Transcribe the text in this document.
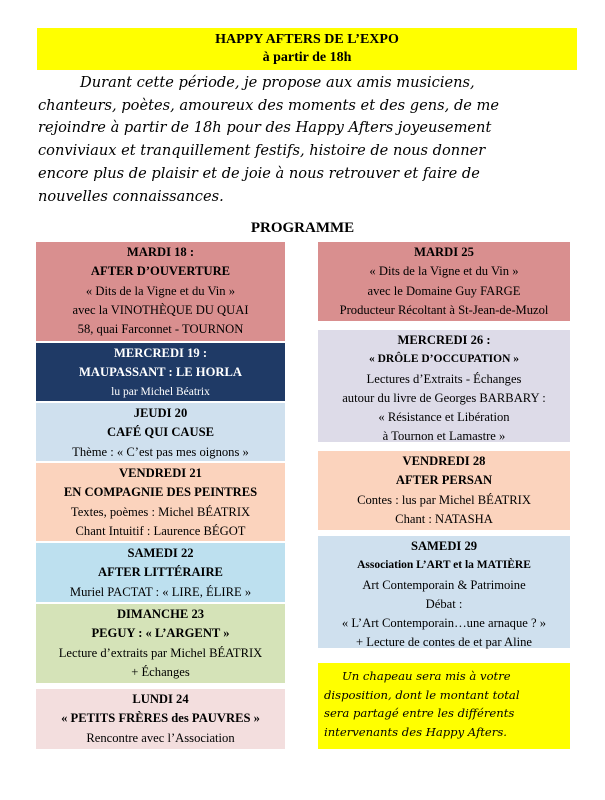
HAPPY AFTERS DE L’EXPO
à partir de 18h
Durant cette période, je propose aux amis musiciens,
chanteurs, poètes, amoureux des moments et des gens, de me
rejoindre à partir de 18h pour des Happy Afters joyeusement
conviviaux et tranquillement festifs, histoire de nous donner
encore plus de plaisir et de joie à nous retrouver et faire de
nouvelles connaissances.
PROGRAMME
MARDI 18 :
AFTER D’OUVERTURE
« Dits de la Vigne et du Vin »
avec la VINOTHÈQUE DU QUAI
58, quai Farconnet - TOURNON
MERCREDI 19 :
MAUPASSANT : LE HORLA
lu par Michel Béatrix
JEUDI 20
CAFÉ QUI CAUSE
Thème : « C’est pas mes oignons »
VENDREDI 21
EN COMPAGNIE DES PEINTRES
Textes, poèmes : Michel BÉATRIX
Chant Intuitif : Laurence BÉGOT
SAMEDI 22
AFTER LITTÉRAIRE
Muriel PACTAT : « LIRE, ÉLIRE »
DIMANCHE 23
PEGUY : « L’ARGENT »
Lecture d’extraits par Michel BÉATRIX
+ Échanges
LUNDI 24
« PETITS FRÈRES des PAUVRES »
Rencontre avec l’Association
MARDI 25
« Dits de la Vigne et du Vin »
avec le Domaine Guy FARGE
Producteur Récoltant à St-Jean-de-Muzol
MERCREDI 26 :
« DRÔLE D’OCCUPATION »
Lectures d’Extraits - Échanges
autour du livre de Georges BARBARY :
« Résistance et Libération
à Tournon et Lamastre »
VENDREDI 28
AFTER PERSAN
Contes : lus par Michel BÉATRIX
Chant : NATASHA
SAMEDI 29
Association L’ART et la MATIÈRE
Art Contemporain & Patrimoine
Débat :
« L’Art Contemporain…une arnaque ? »
+ Lecture de contes de et par Aline
Un chapeau sera mis à votre
disposition, dont le montant total
sera partagé entre les différents
intervenants des Happy Afters.
